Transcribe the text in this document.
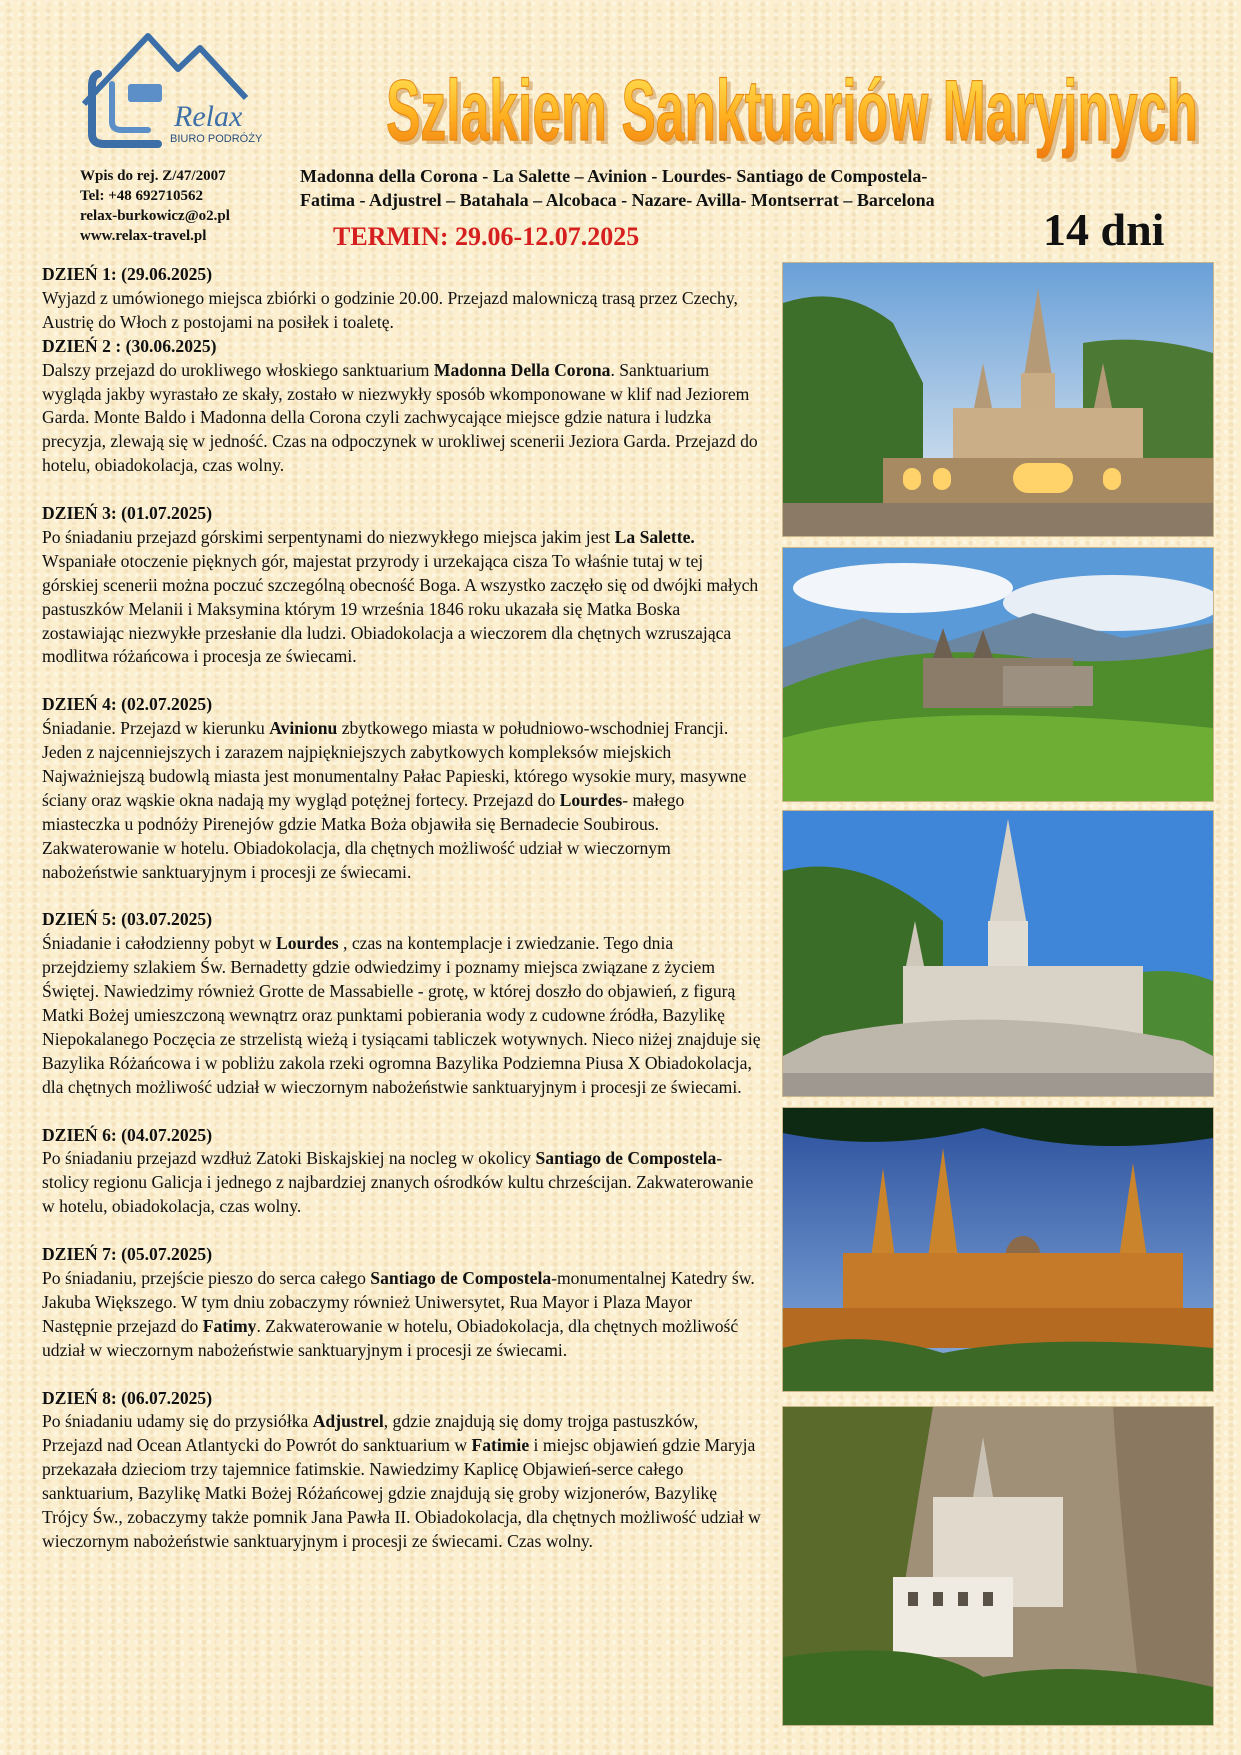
Relax
BIURO PODRÓŻY
Wpis do rej. Z/47/2007
Tel: +48 692710562
relax-burkowicz@o2.pl
www.relax-travel.pl
Szlakiem Sanktuariów Maryjnych
Szlakiem Sanktuariów Maryjnych
Madonna della Corona - La Salette – Avinion - Lourdes- Santiago de Compostela-
Fatima - Adjustrel – Batahala – Alcobaca - Nazare- Avilla- Montserrat – Barcelona
TERMIN: 29.06-12.07.2025	14 dni
DZIEŃ 1: (29.06.2025)
Wyjazd z umówionego miejsca zbiórki o godzinie 20.00. Przejazd malowniczą trasą przez Czechy, Austrię do Włoch z postojami na posiłek i toaletę.
DZIEŃ 2 : (30.06.2025)
Dalszy przejazd do urokliwego włoskiego sanktuarium Madonna Della Corona. Sanktuarium wygląda jakby wyrastało ze skały, zostało w niezwykły sposób wkomponowane w klif nad Jeziorem Garda. Monte Baldo i Madonna della Corona czyli zachwycające miejsce gdzie natura i ludzka precyzja, zlewają się w jedność. Czas na odpoczynek w urokliwej scenerii Jeziora Garda. Przejazd do hotelu, obiadokolacja, czas wolny.
DZIEŃ 3: (01.07.2025)
Po śniadaniu przejazd górskimi serpentynami do niezwykłego miejsca jakim jest La Salette. Wspaniałe otoczenie pięknych gór, majestat przyrody i urzekająca cisza To właśnie tutaj w tej górskiej scenerii można poczuć szczególną obecność Boga. A wszystko zaczęło się od dwójki małych pastuszków Melanii i Maksymina którym 19 września 1846 roku ukazała się Matka Boska zostawiając niezwykłe przesłanie dla ludzi. Obiadokolacja a wieczorem dla chętnych wzruszająca modlitwa różańcowa i procesja ze świecami.
DZIEŃ 4: (02.07.2025)
Śniadanie. Przejazd w kierunku Avinionu zbytkowego miasta w południowo-wschodniej Francji. Jeden z najcenniejszych i zarazem najpiękniejszych zabytkowych kompleksów miejskich Najważniejszą budowlą miasta jest monumentalny Pałac Papieski, którego wysokie mury, masywne ściany oraz wąskie okna nadają my wygląd potężnej fortecy. Przejazd do Lourdes- małego miasteczka u podnóży Pirenejów gdzie Matka Boża objawiła się Bernadecie Soubirous. Zakwaterowanie w hotelu. Obiadokolacja, dla chętnych możliwość udział w wieczornym nabożeństwie sanktuaryjnym i procesji ze świecami.
DZIEŃ 5: (03.07.2025)
Śniadanie i całodzienny pobyt w Lourdes , czas na kontemplacje i zwiedzanie. Tego dnia przejdziemy szlakiem Św. Bernadetty gdzie odwiedzimy i poznamy miejsca związane z życiem Świętej. Nawiedzimy również Grotte de Massabielle - grotę, w której doszło do objawień, z figurą Matki Bożej umieszczoną wewnątrz oraz punktami pobierania wody z cudowne źródła, Bazylikę Niepokalanego Poczęcia ze strzelistą wieżą i tysiącami tabliczek wotywnych. Nieco niżej znajduje się Bazylika Różańcowa i w pobliżu zakola rzeki ogromna Bazylika Podziemna Piusa X Obiadokolacja, dla chętnych możliwość udział w wieczornym nabożeństwie sanktuaryjnym i procesji ze świecami.
DZIEŃ 6: (04.07.2025)
Po śniadaniu przejazd wzdłuż Zatoki Biskajskiej na nocleg w okolicy Santiago de Compostela-stolicy regionu Galicja i jednego z najbardziej znanych ośrodków kultu chrześcijan. Zakwaterowanie w hotelu, obiadokolacja, czas wolny.
DZIEŃ 7: (05.07.2025)
Po śniadaniu, przejście pieszo do serca całego Santiago de Compostela-monumentalnej Katedry św. Jakuba Większego. W tym dniu zobaczymy również Uniwersytet, Rua Mayor i Plaza Mayor Następnie przejazd do Fatimy. Zakwaterowanie w hotelu, Obiadokolacja, dla chętnych możliwość udział w wieczornym nabożeństwie sanktuaryjnym i procesji ze świecami.
DZIEŃ 8: (06.07.2025)
Po śniadaniu udamy się do przysiółka Adjustrel, gdzie znajdują się domy trojga pastuszków, Przejazd nad Ocean Atlantycki do Powrót do sanktuarium w Fatimie i miejsc objawień gdzie Maryja przekazała dzieciom trzy tajemnice fatimskie. Nawiedzimy Kaplicę Objawień-serce całego sanktuarium, Bazylikę Matki Bożej Różańcowej gdzie znajdują się groby wizjonerów, Bazylikę Trójcy Św., zobaczymy także pomnik Jana Pawła II. Obiadokolacja, dla chętnych możliwość udział w wieczornym nabożeństwie sanktuaryjnym i procesji ze świecami. Czas wolny.
